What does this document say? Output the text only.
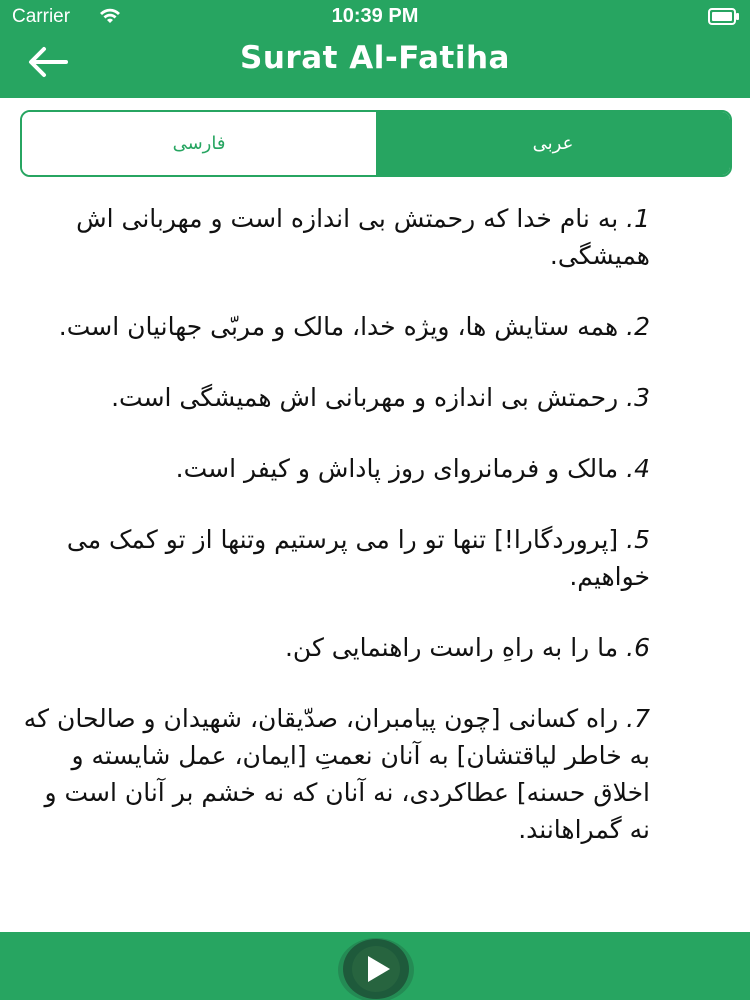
Carrier	10:39 PM
Surat Al-Fatiha
فارسی	عربی

1. به نام خدا که رحمتش بی اندازه است و مهربانی اش همیشگی.

2. همه ستایش ها، ویژه خدا، مالک و مربّی جهانیان است.

3. رحمتش بی اندازه و مهربانی اش همیشگی است.

4. مالک و فرمانروای روز پاداش و کیفر است.

5. [پروردگارا!] تنها تو را می پرستیم وتنها از تو کمک می خواهیم.

6. ما را به راهِ راست راهنمایی کن.

7. راه کسانی [چون پیامبران، صدّیقان، شهیدان و صالحان که به خاطر لیاقتشان] به آنان نعمتِ [ایمان، عمل شایسته و اخلاق حسنه] عطاکردی، نه آنان که نه خشم بر آنان است و نه گمراهانند.
